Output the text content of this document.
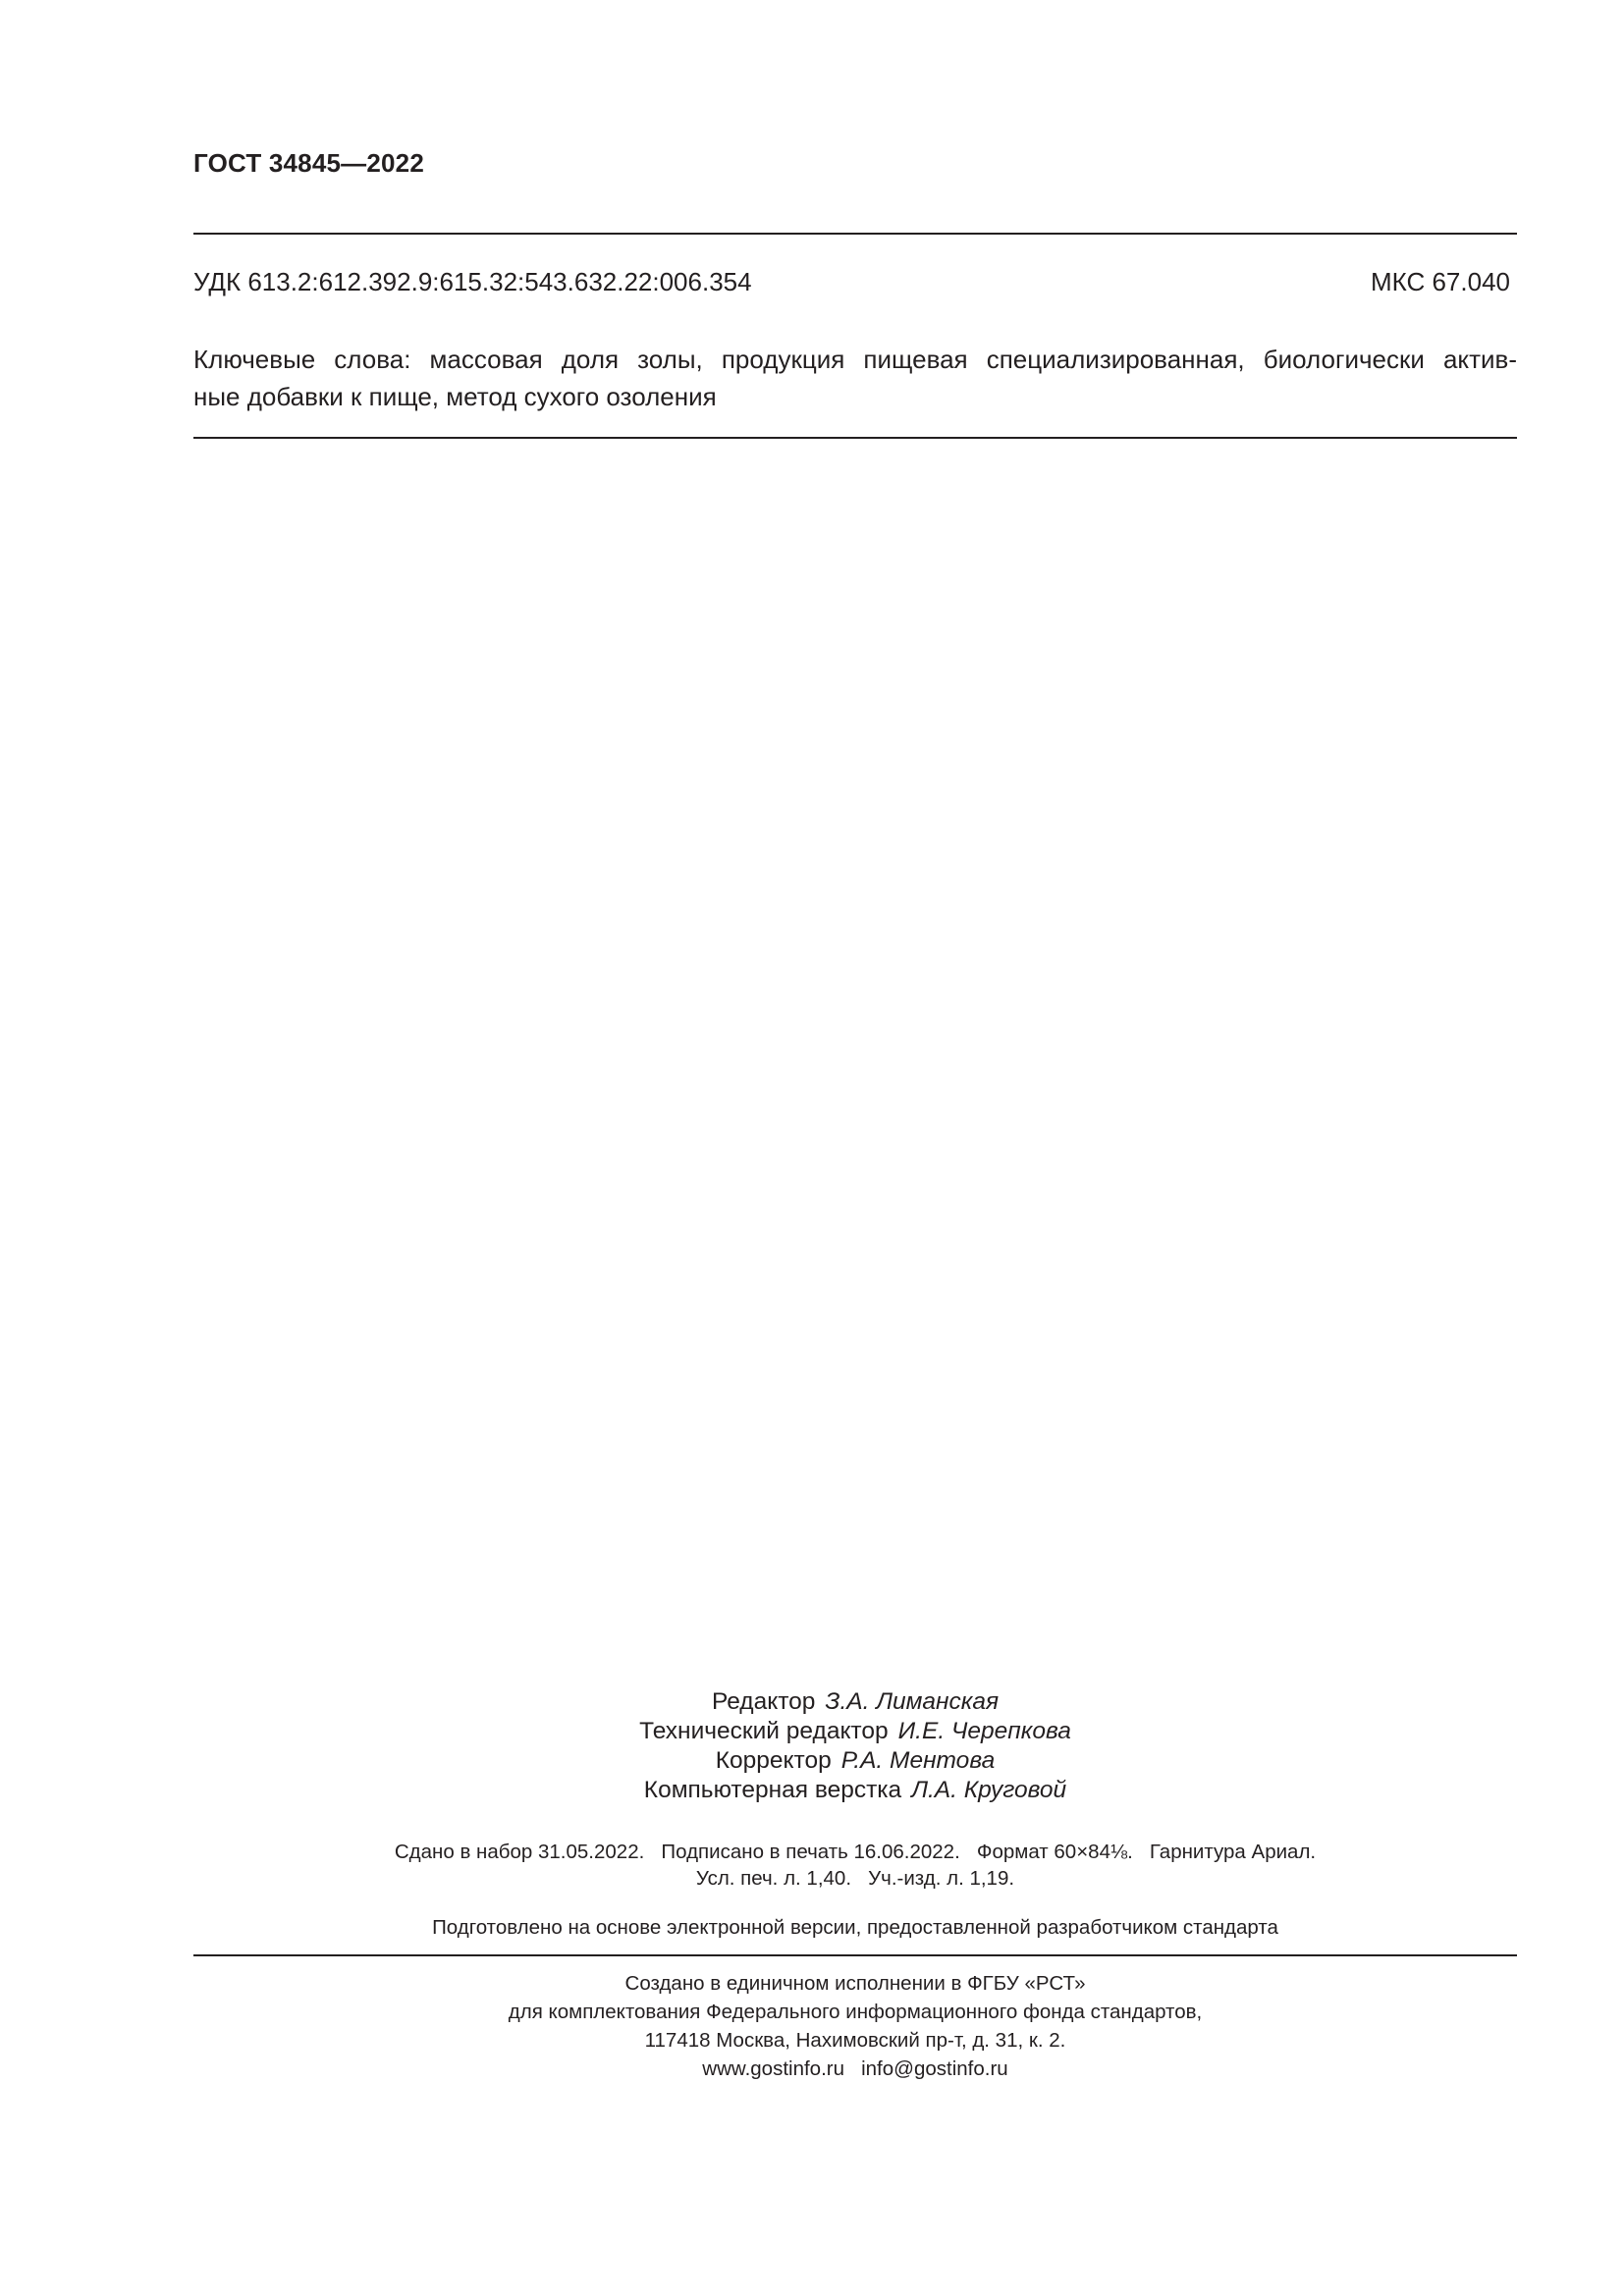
ГОСТ 34845—2022
УДК 613.2:612.392.9:615.32:543.632.22:006.354	МКС 67.040
Ключевые слова: массовая доля золы, продукция пищевая специализированная, биологически актив-
ные добавки к пище, метод сухого озоления
Редактор З.А. Лиманская
Технический редактор И.Е. Черепкова
Корректор Р.А. Ментова
Компьютерная верстка Л.А. Круговой
Сдано в набор 31.05.2022. Подписано в печать 16.06.2022. Формат 60×84⅛. Гарнитура Ариал.
Усл. печ. л. 1,40. Уч.-изд. л. 1,19.
Подготовлено на основе электронной версии, предоставленной разработчиком стандарта
Создано в единичном исполнении в ФГБУ «РСТ»
для комплектования Федерального информационного фонда стандартов,
117418 Москва, Нахимовский пр-т, д. 31, к. 2.
www.gostinfo.ru info@gostinfo.ru
